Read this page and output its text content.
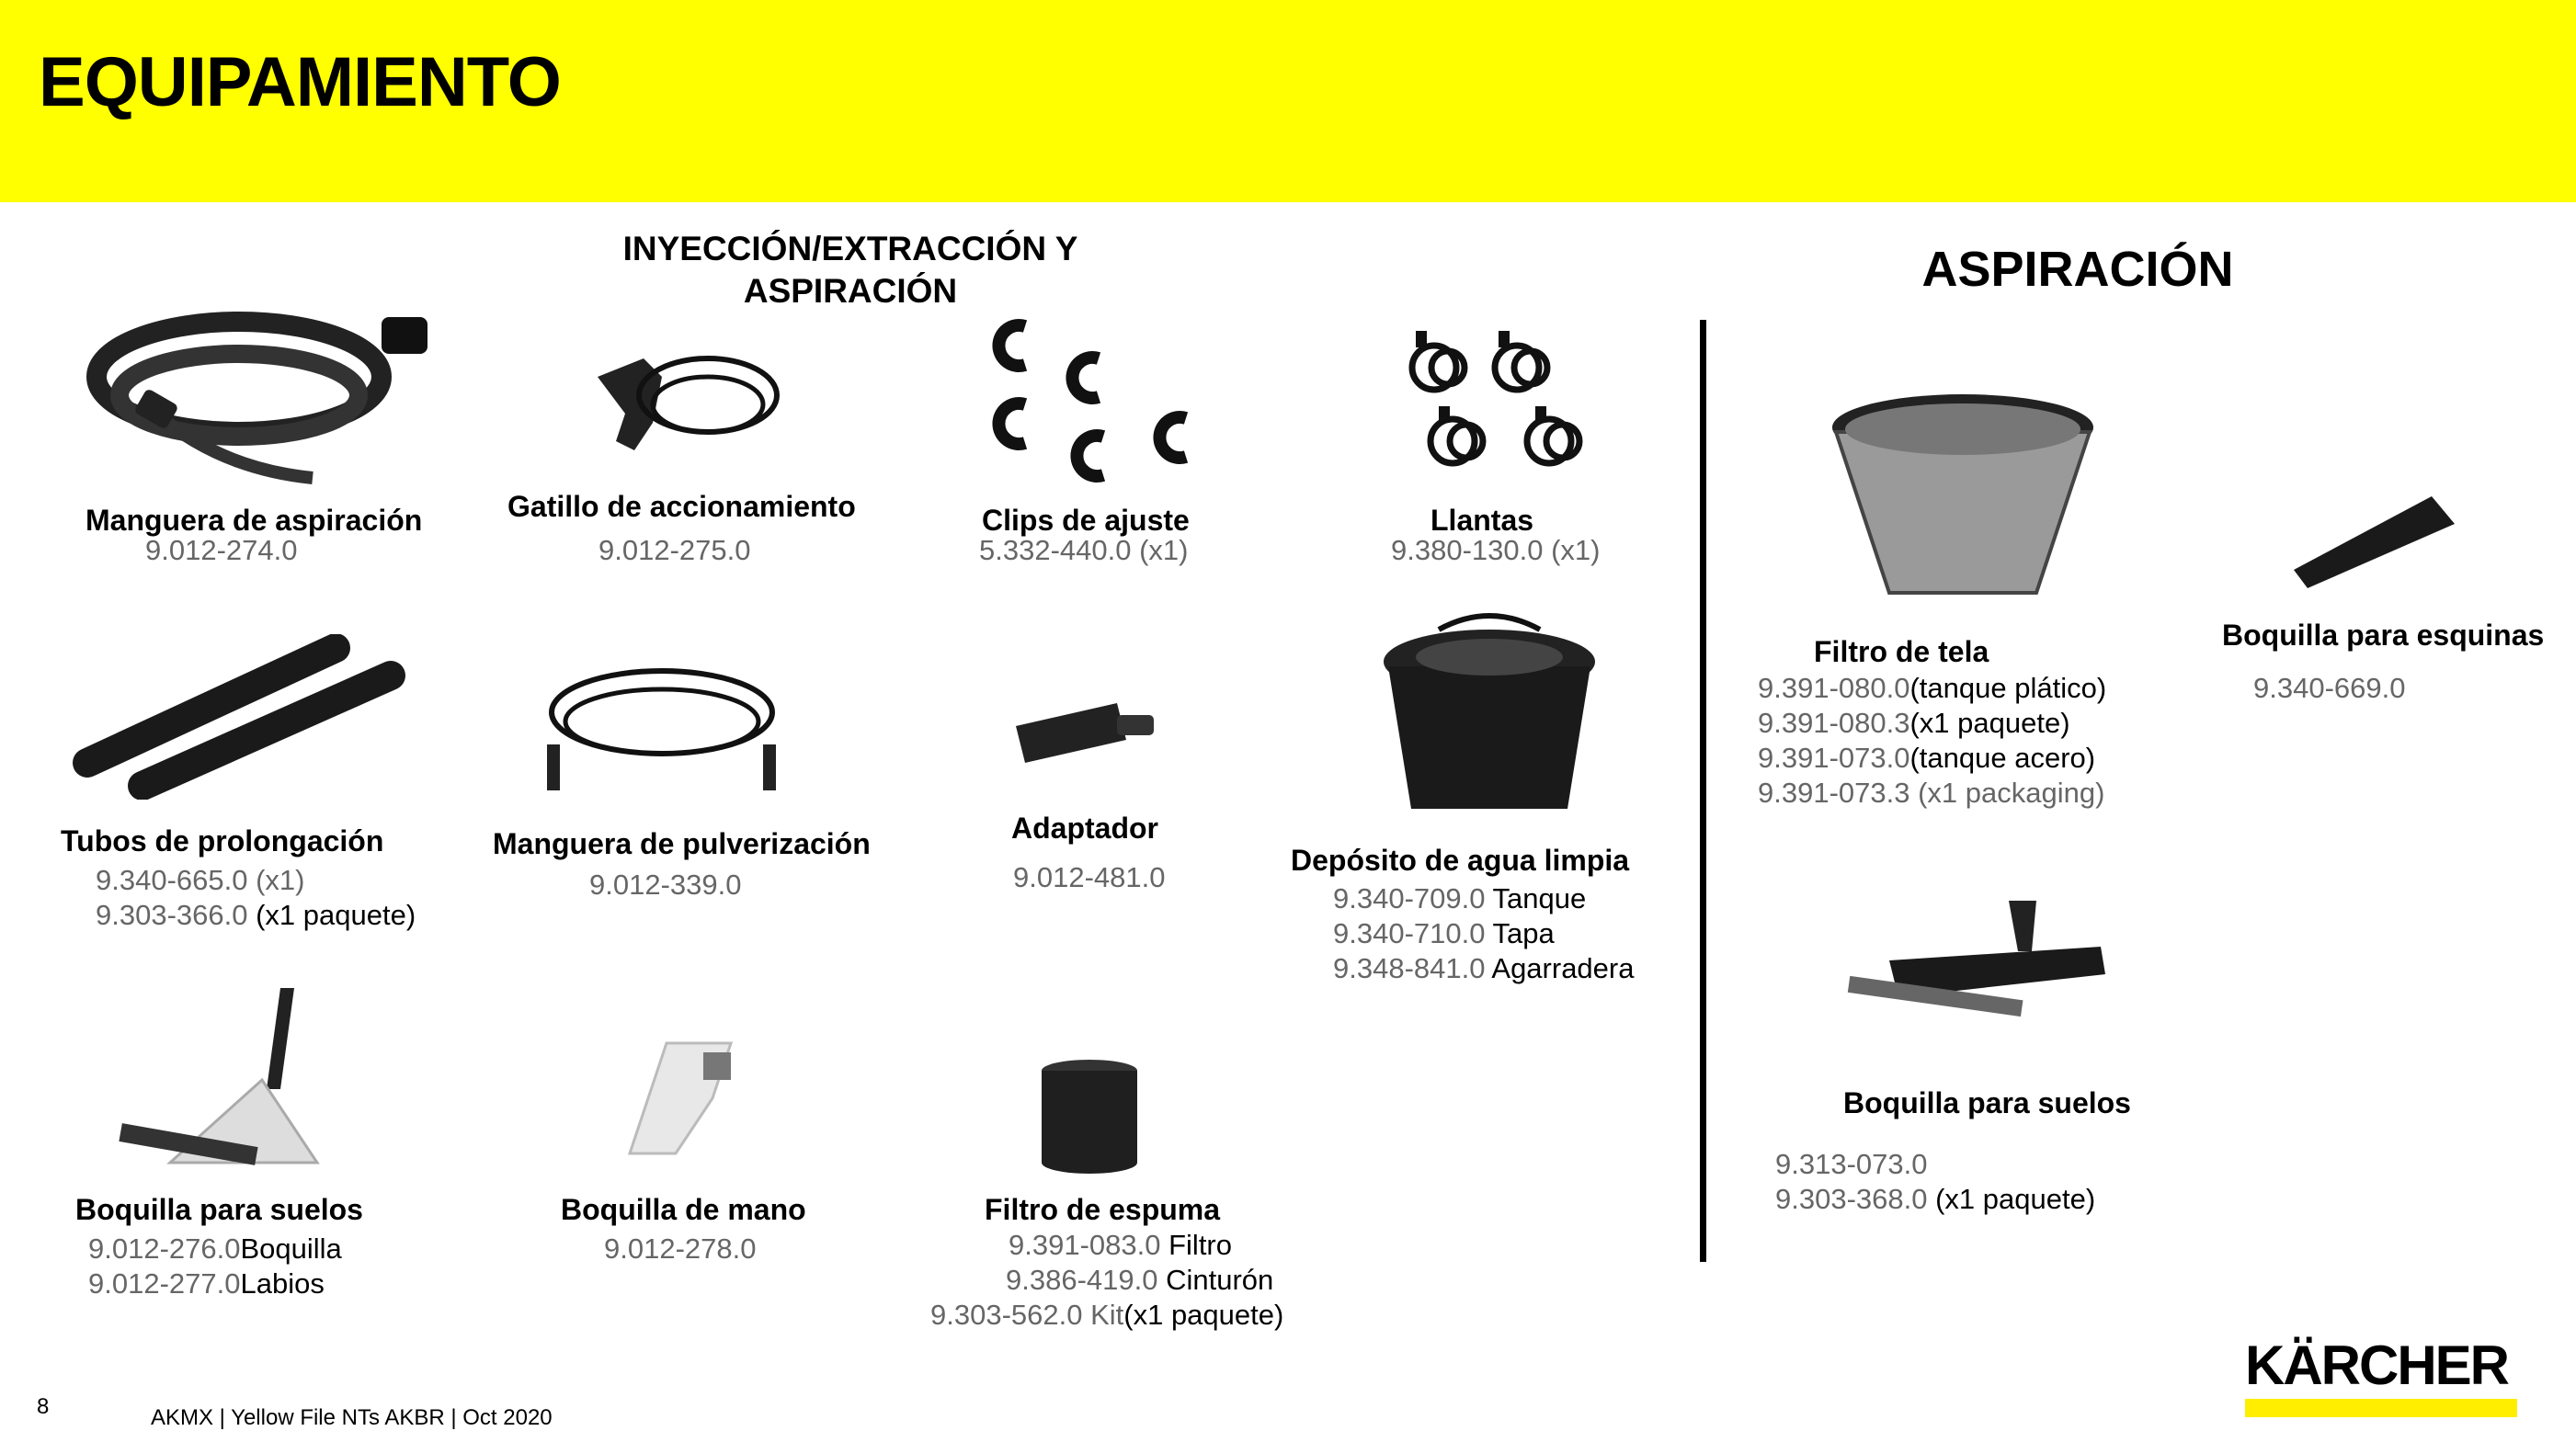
EQUIPAMIENTO
INYECCIÓN/EXTRACCIÓN Y
ASPIRACIÓN	ASPIRACIÓN
Manguera de aspiración
9.012-274.0
Gatillo de accionamiento
9.012-275.0
Clips de ajuste
5.332-440.0 (x1)
Llantas
9.380-130.0 (x1)
Tubos de prolongación
9.340-665.0 (x1)
9.303-366.0 (x1 paquete)
Manguera de pulverización
9.012-339.0
Adaptador
9.012-481.0
Depósito de agua limpia
9.340-709.0 Tanque
9.340-710.0 Tapa
9.348-841.0 Agarradera
Boquilla para suelos
9.012-276.0Boquilla
9.012-277.0Labios
Boquilla de mano
9.012-278.0
Filtro de espuma
9.391-083.0 Filtro
9.386-419.0 Cinturón
9.303-562.0 Kit(x1 paquete)
Filtro de tela
9.391-080.0(tanque plático)
9.391-080.3(x1 paquete)
9.391-073.0(tanque acero)
9.391-073.3 (x1 packaging)
Boquilla para esquinas
9.340-669.0
Boquilla para suelos
9.313-073.0
9.303-368.0 (x1 paquete)
8	AKMX | Yellow File NTs AKBR | Oct 2020
KÄRCHER
